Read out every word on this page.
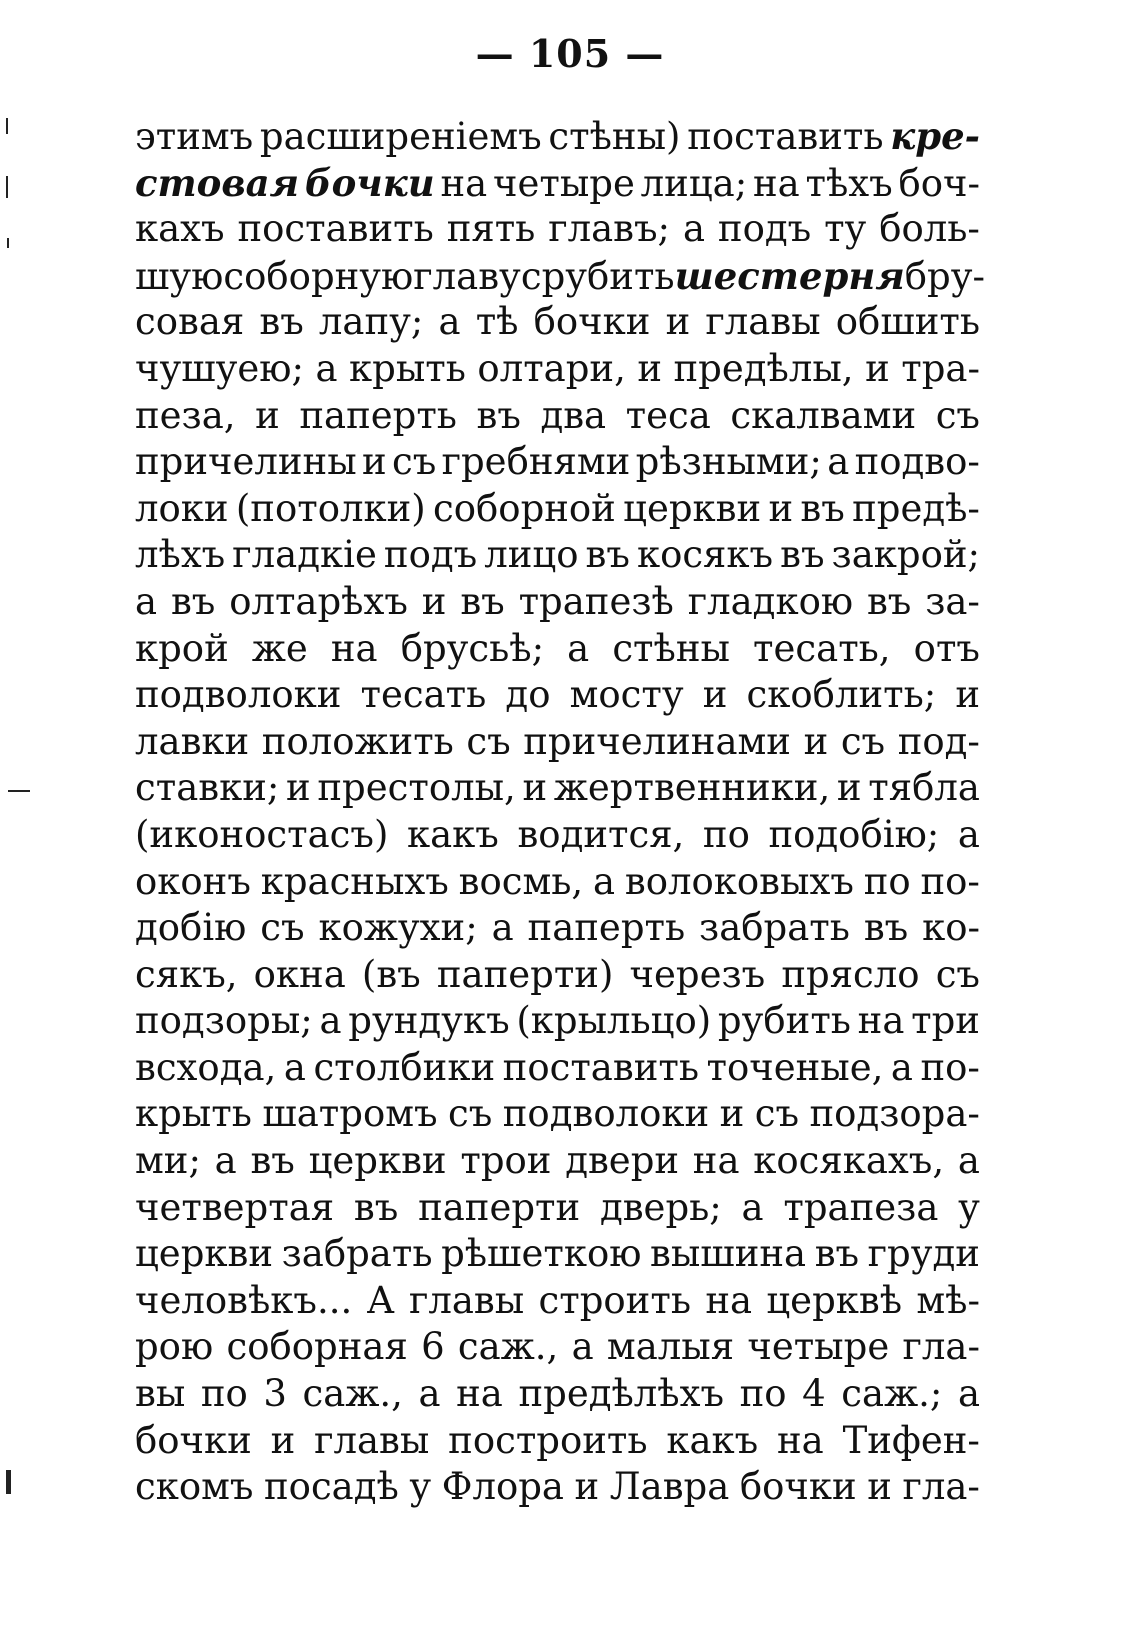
— 105 —
этимъ расширеніемъ стѣны) поставить кре-
стовая бочки на четыре лица; на тѣхъ боч-
кахъ поставить пять главъ; а подъ ту боль-
шую соборную главу срубить шестерня бру-
совая въ лапу; а тѣ бочки и главы обшить
чушуею; а крыть олтари, и предѣлы, и тра-
пеза, и паперть въ два теса скалвами съ
причелины и съ гребнями рѣзными; а подво-
локи (потолки) соборной церкви и въ предѣ-
лѣхъ гладкіе подъ лицо въ косякъ въ закрой;
а въ олтарѣхъ и въ трапезѣ гладкою въ за-
крой же на брусьѣ; а стѣны тесать, отъ
подволоки тесать до мосту и скоблить; и
лавки положить съ причелинами и съ под-
ставки; и престолы, и жертвенники, и тябла
(иконостасъ) какъ водится, по подобію; а
оконъ красныхъ восмь, а волоковыхъ по по-
добію съ кожухи; а паперть забрать въ ко-
сякъ, окна (въ паперти) черезъ прясло съ
подзоры; а рундукъ (крыльцо) рубить на три
всхода, а столбики поставить точеные, а по-
крыть шатромъ съ подволоки и съ подзора-
ми; а въ церкви трои двери на косякахъ, а
четвертая въ паперти дверь; а трапеза у
церкви забрать рѣшеткою вышина въ груди
человѣкъ... А главы строить на церквѣ мѣ-
рою соборная 6 саж., а малыя четыре гла-
вы по 3 саж., а на предѣлѣхъ по 4 саж.; а
бочки и главы построить какъ на Тифен-
скомъ посадѣ у Флора и Лавра бочки и гла-
